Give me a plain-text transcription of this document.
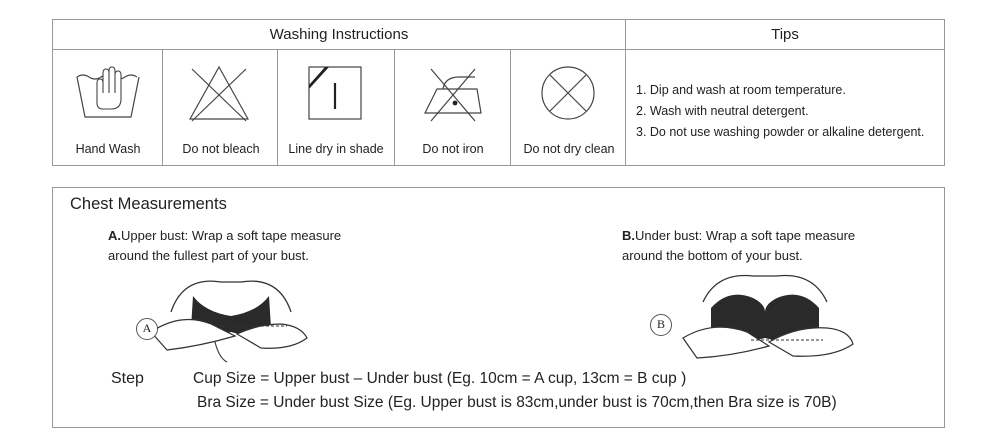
Washing Instructions	Tips
Hand Wash	Do not bleach	Line dry in shade	Do not iron	Do not dry clean
1. Dip and wash at room temperature.
2. Wash with neutral detergent.
3. Do not use washing powder or alkaline detergent.
Chest Measurements
A.Upper bust: Wrap a soft tape measure
around the fullest part of your bust.
B.Under bust: Wrap a soft tape measure
around the bottom of your bust.
A	B
Step	Cup Size = Upper bust – Under bust (Eg. 10cm = A cup, 13cm = B cup )
Bra Size = Under bust Size (Eg. Upper bust is 83cm,under bust is 70cm,then Bra size is 70B)
